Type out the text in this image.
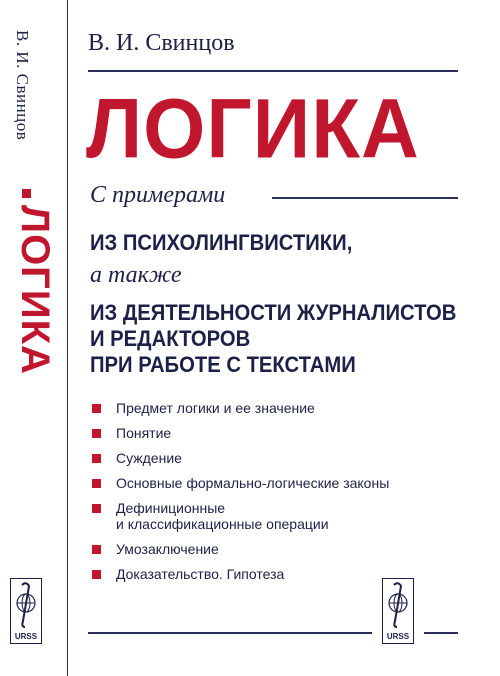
В. И. Свинцов
ЛОГИКА
URSS
В. И. Свинцов
ЛОГИКА
С примерами
ИЗ ПСИХОЛИНГВИСТИКИ,
а также
ИЗ ДЕЯТЕЛЬНОСТИ ЖУРНАЛИСТОВ
И РЕДАКТОРОВ
ПРИ РАБОТЕ С ТЕКСТАМИ
Предмет логики и ее значение
Понятие
Суждение
Основные формально-логические законы
Дефиниционные
и классификационные операции
Умозаключение
Доказательство. Гипотеза
URSS
